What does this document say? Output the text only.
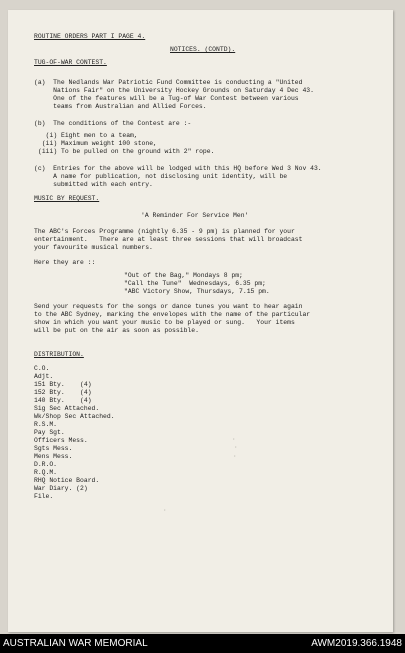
ROUTINE ORDERS PART I PAGE 4.
NOTICES. (CONTD).
TUG-OF-WAR CONTEST.
(a)  The Nedlands War Patriotic Fund Committee is conducting a "United
Nations Fair" on the University Hockey Grounds on Saturday 4 Dec 43.
One of the features will be a Tug-of War Contest between various
teams from Australian and Allied Forces.
(b)  The conditions of the Contest are :-
(i) Eight men to a team,
(ii) Maximum weight 100 stone,
(iii) To be pulled on the ground with 2" rope.
(c)  Entries for the above will be lodged with this HQ before Wed 3 Nov 43.
A name for publication, not disclosing unit identity, will be
submitted with each entry.
MUSIC BY REQUEST.
'A Reminder For Service Men'
The ABC's Forces Programme (nightly 6.35 - 9 pm) is planned for your
entertainment.   There are at least three sessions that will broadcast
your favourite musical numbers.
Here they are ::
"Out of the Bag," Mondays 8 pm;
"Call the Tune"  Wednesdays, 6.35 pm;
"ABC Victory Show, Thursdays, 7.15 pm.
Send your requests for the songs or dance tunes you want to hear again
to the ABC Sydney, marking the envelopes with the name of the particular
show in which you want your music to be played or sung.   Your items
will be put on the air as soon as possible.
DISTRIBUTION.
C.O.
Adjt.
151 Bty.    (4)
152 Bty.    (4)
140 Bty.    (4)
Sig Sec Attached.
Wk/Shop Sec Attached.
R.S.M.
Pay Sgt.
Officers Mess.
Sgts Mess.
Mens Mess.
D.R.O.
R.Q.M.
RHQ Notice Board.
War Diary. (2)
File.
·
·
·
·
AUSTRALIAN WAR MEMORIAL	AWM2019.366.1948
